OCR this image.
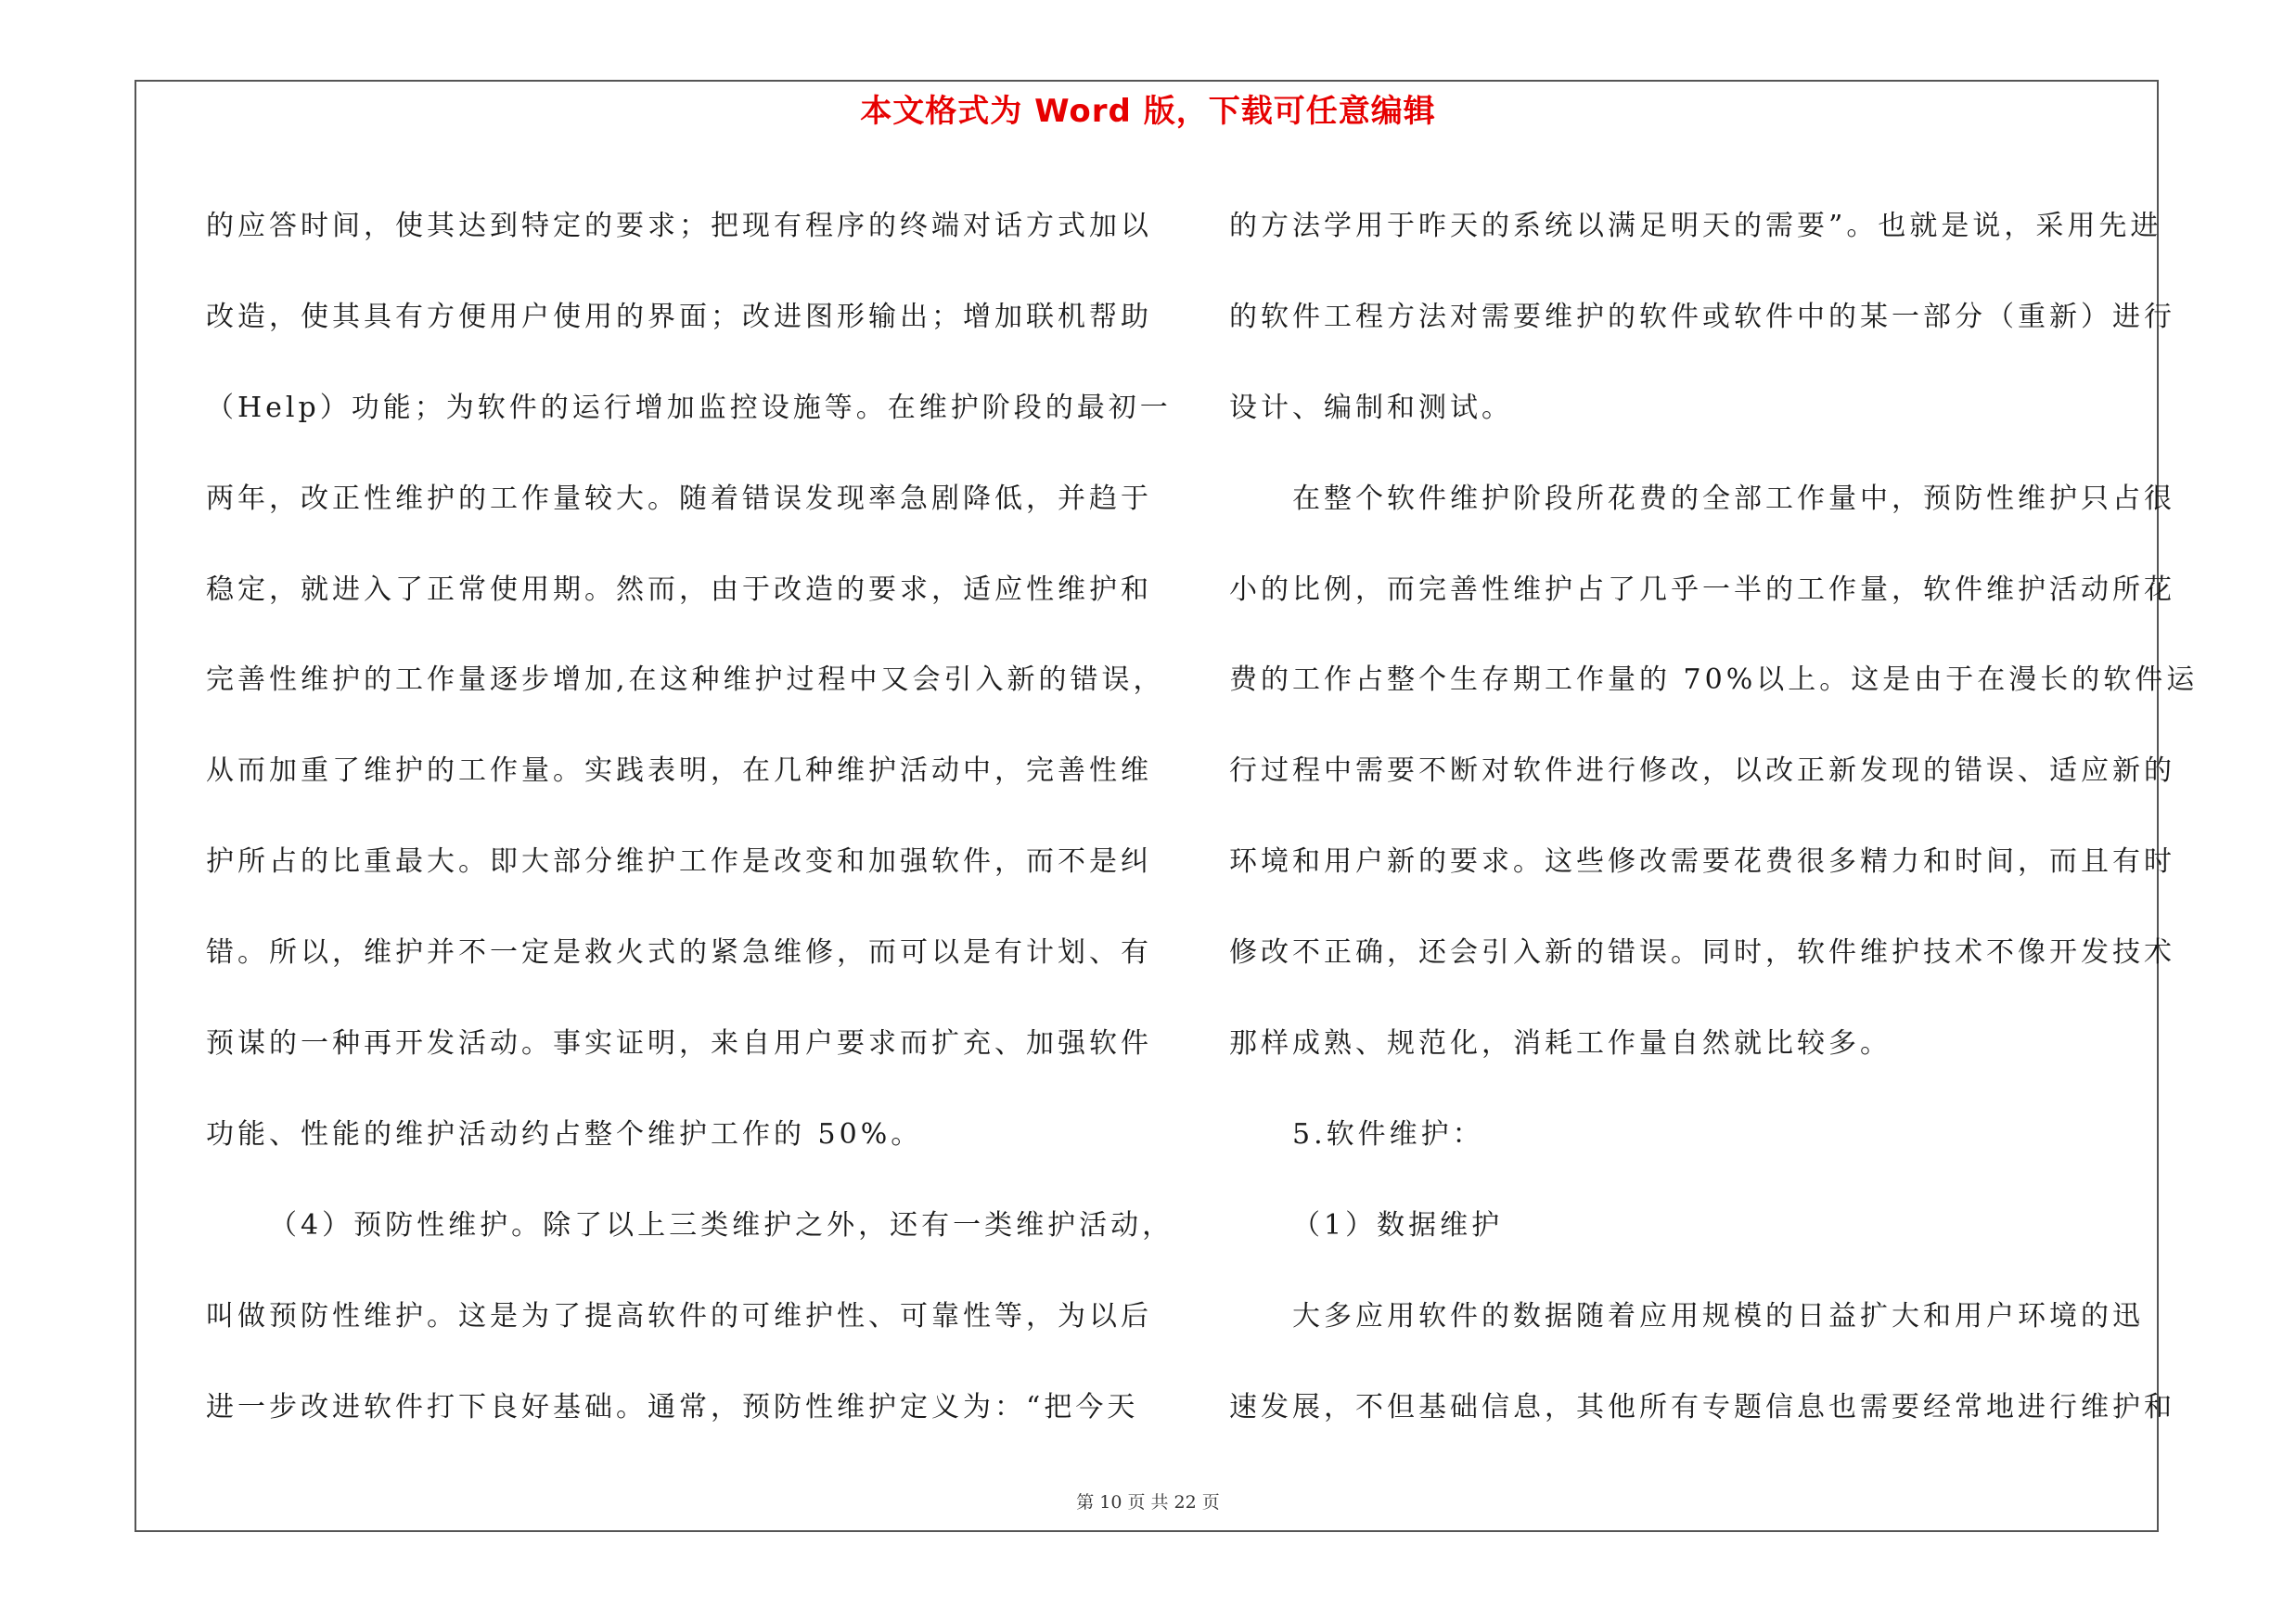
本文格式为 Word 版，下载可任意编辑
的应答时间，使其达到特定的要求；把现有程序的终端对话方式加以
改造，使其具有方便用户使用的界面；改进图形输出；增加联机帮助
（Help）功能；为软件的运行增加监控设施等。在维护阶段的最初一
两年，改正性维护的工作量较大。随着错误发现率急剧降低，并趋于
稳定，就进入了正常使用期。然而，由于改造的要求，适应性维护和
完善性维护的工作量逐步增加,在这种维护过程中又会引入新的错误，
从而加重了维护的工作量。实践表明，在几种维护活动中，完善性维
护所占的比重最大。即大部分维护工作是改变和加强软件，而不是纠
错。所以，维护并不一定是救火式的紧急维修，而可以是有计划、有
预谋的一种再开发活动。事实证明，来自用户要求而扩充、加强软件
功能、性能的维护活动约占整个维护工作的 50%。
（4）预防性维护。除了以上三类维护之外，还有一类维护活动，
叫做预防性维护。这是为了提高软件的可维护性、可靠性等，为以后
进一步改进软件打下良好基础。通常，预防性维护定义为：“把今天
的方法学用于昨天的系统以满足明天的需要”。也就是说，采用先进
的软件工程方法对需要维护的软件或软件中的某一部分（重新）进行
设计、编制和测试。
在整个软件维护阶段所花费的全部工作量中，预防性维护只占很
小的比例，而完善性维护占了几乎一半的工作量，软件维护活动所花
费的工作占整个生存期工作量的 70%以上。这是由于在漫长的软件运
行过程中需要不断对软件进行修改，以改正新发现的错误、适应新的
环境和用户新的要求。这些修改需要花费很多精力和时间，而且有时
修改不正确，还会引入新的错误。同时，软件维护技术不像开发技术
那样成熟、规范化，消耗工作量自然就比较多。
5.软件维护：
（1）数据维护
大多应用软件的数据随着应用规模的日益扩大和用户环境的迅
速发展，不但基础信息，其他所有专题信息也需要经常地进行维护和
第 10 页 共 22 页
